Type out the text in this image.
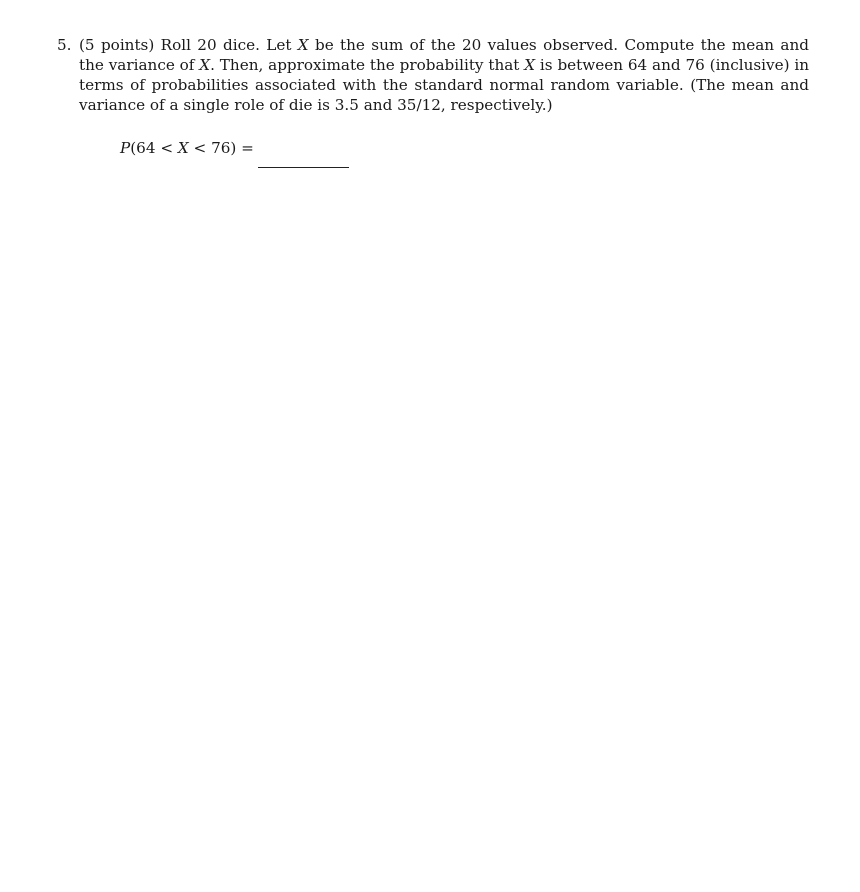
5. (5 points) Roll 20 dice. Let X be the sum of the 20 values observed. Compute the mean and the variance of X. Then, approximate the probability that X is between 64 and 76 (inclusive) in terms of probabilities associated with the standard normal random variable. (The mean and variance of a single role of die is 3.5 and 35/12, respectively.)
P(64 < X < 76) =
